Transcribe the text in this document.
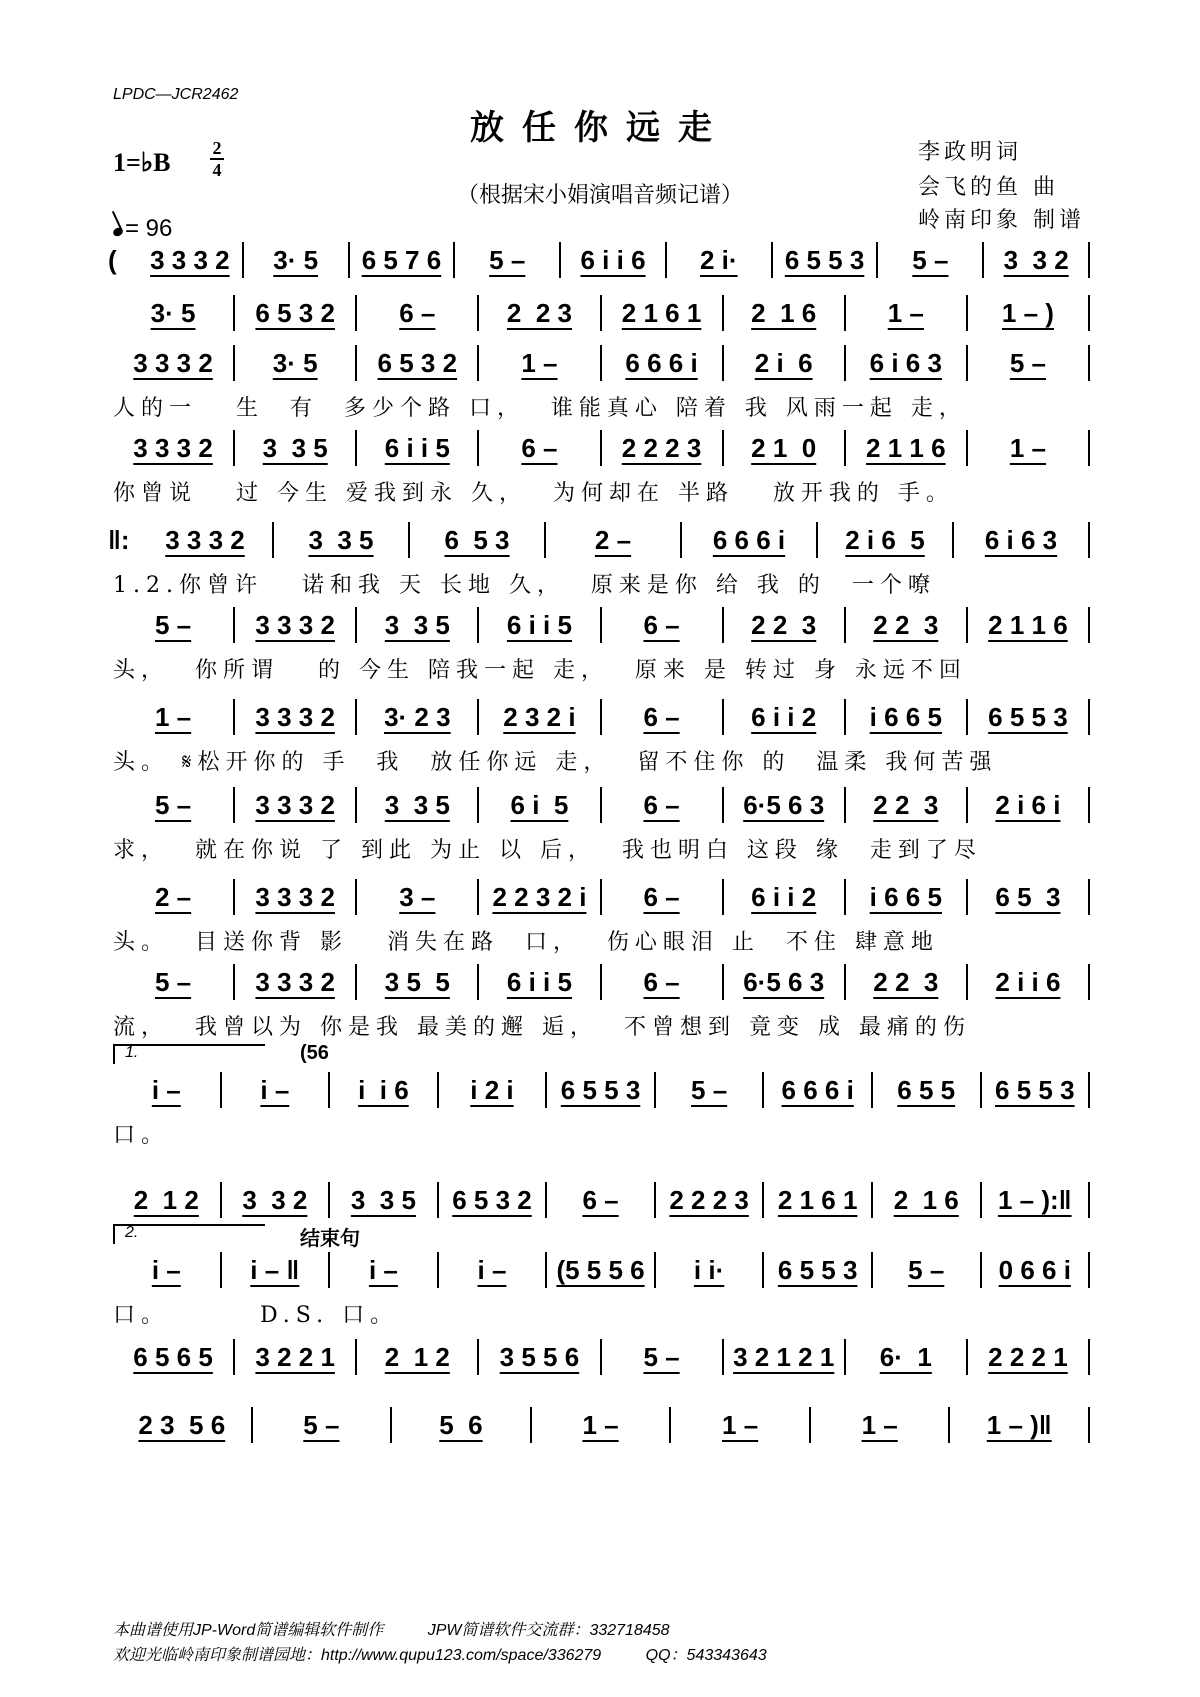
LPDC—JCR2462
放任你远走
1=♭B 2
4
（根据宋小娟演唱音频记谱）
李政明词
会飞的鱼 曲
岭南印象 制谱
= 96
( 3 3 3 2 3· 5 6 5 7 6 5 – 6 i i 6 2 i· 6 5 5 3 5 – 3  3 2
3· 5 6 5 3 2 6 –	2  2 3 2 1 6 1 2  1 6	1 –	1 – )
3 3 3 2 3· 5 6 5 3 2 1 –	6 6 6 i 2 i  6 6 i 6 3	5 –
人的一   生  有  多少个路 口，  谁能真心 陪着 我 风雨一起 走，
3 3 3 2 3  3 5 6 i i 5	6 – 2 2 2 3 2 1  0 2 1 1 6 1 –
你曾说   过 今生 爱我到永 久，  为何却在 半路   放开我的 手。
‖: 3 3 3 2 3  3 5	6  5 3	2 –	6 6 6 i 2 i 6  5 6 i 6 3
1.2.你曾许   诺和我 天 长地 久，  原来是你 给 我 的  一个嘹
5 – 3 3 3 2 3  3 5 6 i i 5	6 –	2 2  3 2 2  3 2 1 1 6
头，  你所谓   的 今生 陪我一起 走，  原来 是 转过 身 永远不回
1 – 3 3 3 2 3· 2 3 2 3 2 i	6 –	6 i i 2 i 6 6 5 6 5 5 3
头。 𝄋松开你的 手  我  放任你远 走，  留不住你 的  温柔 我何苦强
5 – 3 3 3 2 3  3 5 6 i  5	6 – 6·5 6 3 2 2  3 2 i 6 i
求，  就在你说 了 到此 为止 以 后，  我也明白 这段 缘  走到了尽
2 – 3 3 3 2 3 – 2 2 3 2 i 6 –	6 i i 2 i 6 6 5 6 5  3
头。  目送你背 影   消失在路  口，  伤心眼泪 止  不住 肆意地
5 – 3 3 3 2 3 5  5 6 i i 5	6 – 6·5 6 3 2 2  3 2 i i 6
流，  我曾以为 你是我 最美的邂 逅，  不曾想到 竟变 成 最痛的伤
i –	i –	i  i 6 i 2 i 6 5 5 3 5 – 6 6 6 i 6 5 5 6 5 5 3
口。
1.	(56
2  1 2 3  3 2 3  3 5 6 5 3 2 6 – 2 2 2 3 2 1 6 1 2  1 6 1 – ):‖
i –	i – ‖	i –	i – (5 5 5 6 i i· 6 5 5 3 5 – 0 6 6 i
口。       D.S. 口。
2.	结束句
6 5 6 5 3 2 2 1 2  1 2 3 5 5 6 5 – 3 2 1 2 1 6·  1 2 2 2 1
2 3  5 6	5 –	5  6	1 –	1 –	1 –	1 – )‖
本曲谱使用JP-Word简谱编辑软件制作	JPW简谱软件交流群：332718458
欢迎光临岭南印象制谱园地：http://www.qupu123.com/space/336279	QQ：543343643
